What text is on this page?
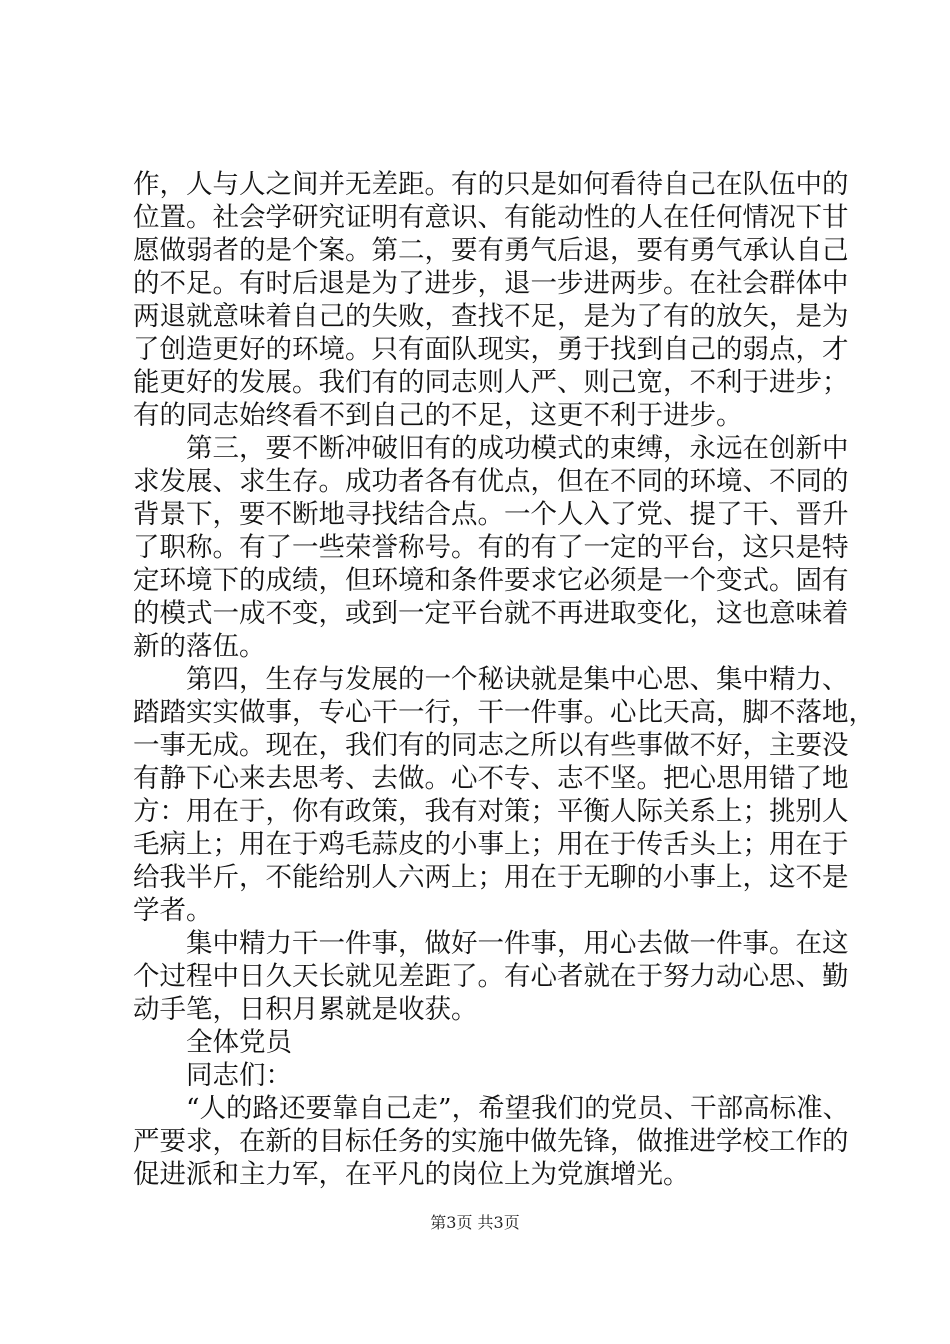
作，人与人之间并无差距。有的只是如何看待自己在队伍中的
位置。社会学研究证明有意识、有能动性的人在任何情况下甘
愿做弱者的是个案。第二，要有勇气后退，要有勇气承认自己
的不足。有时后退是为了进步，退一步进两步。在社会群体中
两退就意味着自己的失败，查找不足，是为了有的放矢，是为
了创造更好的环境。只有面队现实，勇于找到自己的弱点，才
能更好的发展。我们有的同志则人严、则己宽，不利于进步；
有的同志始终看不到自己的不足，这更不利于进步。
　　第三，要不断冲破旧有的成功模式的束缚，永远在创新中
求发展、求生存。成功者各有优点，但在不同的环境、不同的
背景下，要不断地寻找结合点。一个人入了党、提了干、晋升
了职称。有了一些荣誉称号。有的有了一定的平台，这只是特
定环境下的成绩，但环境和条件要求它必须是一个变式。固有
的模式一成不变，或到一定平台就不再进取变化，这也意味着
新的落伍。
　　第四，生存与发展的一个秘诀就是集中心思、集中精力、
踏踏实实做事，专心干一行，干一件事。心比天高，脚不落地，
一事无成。现在，我们有的同志之所以有些事做不好，主要没
有静下心来去思考、去做。心不专、志不坚。把心思用错了地
方：用在于，你有政策，我有对策；平衡人际关系上；挑别人
毛病上；用在于鸡毛蒜皮的小事上；用在于传舌头上；用在于
给我半斤，不能给别人六两上；用在于无聊的小事上，这不是
学者。
　　集中精力干一件事，做好一件事，用心去做一件事。在这
个过程中日久天长就见差距了。有心者就在于努力动心思、勤
动手笔，日积月累就是收获。
　　全体党员
　　同志们：
　　“人的路还要靠自己走”，希望我们的党员、干部高标准、
严要求，在新的目标任务的实施中做先锋，做推进学校工作的
促进派和主力军，在平凡的岗位上为党旗增光。
第3页 共3页
